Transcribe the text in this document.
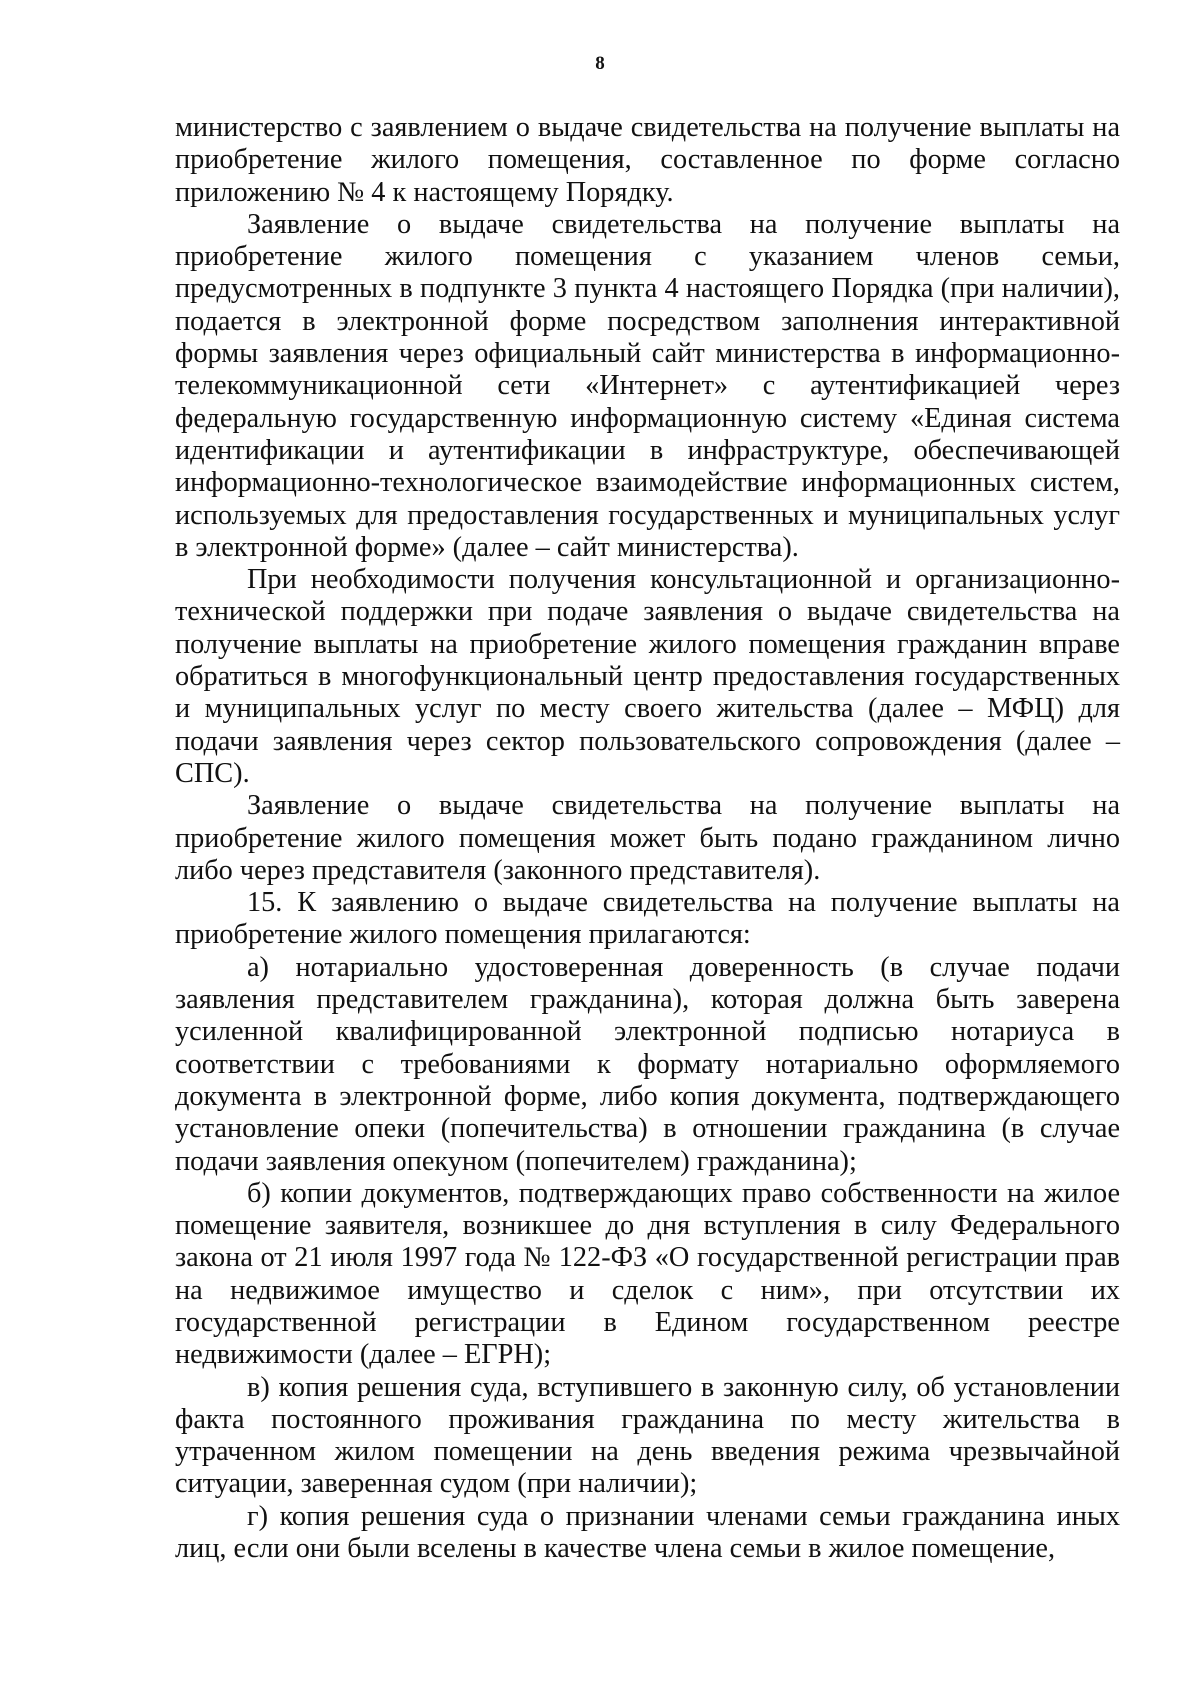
8

министерство с заявлением о выдаче свидетельства на получение выплаты на приобретение жилого помещения, составленное по форме согласно приложению № 4 к настоящему Порядку.

Заявление о выдаче свидетельства на получение выплаты на приобретение жилого помещения с указанием членов семьи, предусмотренных в подпункте 3 пункта 4 настоящего Порядка (при наличии), подается в электронной форме посредством заполнения интерактивной формы заявления через официальный сайт министерства в информационно-телекоммуникационной сети «Интернет» с аутентификацией через федеральную государственную информационную систему «Единая система идентификации и аутентификации в инфраструктуре, обеспечивающей информационно-технологическое взаимодействие информационных систем, используемых для предоставления государственных и муниципальных услуг в электронной форме» (далее – сайт министерства).

При необходимости получения консультационной и организационно-технической поддержки при подаче заявления о выдаче свидетельства на получение выплаты на приобретение жилого помещения гражданин вправе обратиться в многофункциональный центр предоставления государственных и муниципальных услуг по месту своего жительства (далее – МФЦ) для подачи заявления через сектор пользовательского сопровождения (далее – СПС).

Заявление о выдаче свидетельства на получение выплаты на приобретение жилого помещения может быть подано гражданином лично либо через представителя (законного представителя).

15. К заявлению о выдаче свидетельства на получение выплаты на приобретение жилого помещения прилагаются:

а) нотариально удостоверенная доверенность (в случае подачи заявления представителем гражданина), которая должна быть заверена усиленной квалифицированной электронной подписью нотариуса в соответствии с требованиями к формату нотариально оформляемого документа в электронной форме, либо копия документа, подтверждающего установление опеки (попечительства) в отношении гражданина (в случае подачи заявления опекуном (попечителем) гражданина);

б) копии документов, подтверждающих право собственности на жилое помещение заявителя, возникшее до дня вступления в силу Федерального закона от 21 июля 1997 года № 122-ФЗ «О государственной регистрации прав на недвижимое имущество и сделок с ним», при отсутствии их государственной регистрации в Едином государственном реестре недвижимости (далее – ЕГРН);

в) копия решения суда, вступившего в законную силу, об установлении факта постоянного проживания гражданина по месту жительства в утраченном жилом помещении на день введения режима чрезвычайной ситуации, заверенная судом (при наличии);

г) копия решения суда о признании членами семьи гражданина иных лиц, если они были вселены в качестве члена семьи в жилое помещение,
